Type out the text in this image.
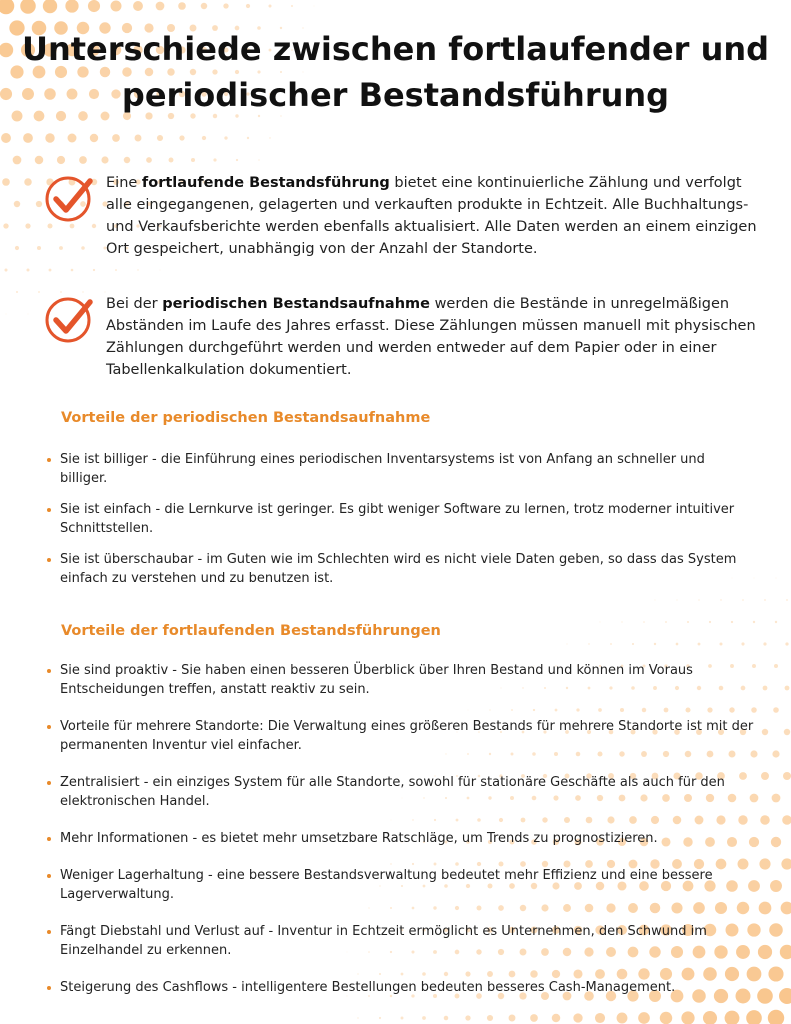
Unterschiede zwischen fortlaufender und periodischer Bestandsführung

Eine fortlaufende Bestandsführung bietet eine kontinuierliche Zählung und verfolgt alle eingegangenen, gelagerten und verkauften produkte in Echtzeit. Alle Buchhaltungs- und Verkaufsberichte werden ebenfalls aktualisiert. Alle Daten werden an einem einzigen Ort gespeichert, unabhängig von der Anzahl der Standorte.

Bei der periodischen Bestandsaufnahme werden die Bestände in unregelmäßigen Abständen im Laufe des Jahres erfasst. Diese Zählungen müssen manuell mit physischen Zählungen durchgeführt werden und werden entweder auf dem Papier oder in einer Tabellenkalkulation dokumentiert.

Vorteile der periodischen Bestandsaufnahme
Sie ist billiger - die Einführung eines periodischen Inventarsystems ist von Anfang an schneller und billiger.
Sie ist einfach - die Lernkurve ist geringer. Es gibt weniger Software zu lernen, trotz moderner intuitiver Schnittstellen.
Sie ist überschaubar - im Guten wie im Schlechten wird es nicht viele Daten geben, so dass das System einfach zu verstehen und zu benutzen ist.
Vorteile der fortlaufenden Bestandsführungen
Sie sind proaktiv - Sie haben einen besseren Überblick über Ihren Bestand und können im Voraus Entscheidungen treffen, anstatt reaktiv zu sein.
Vorteile für mehrere Standorte: Die Verwaltung eines größeren Bestands für mehrere Standorte ist mit der permanenten Inventur viel einfacher.
Zentralisiert - ein einziges System für alle Standorte, sowohl für stationäre Geschäfte als auch für den elektronischen Handel.
Mehr Informationen - es bietet mehr umsetzbare Ratschläge, um Trends zu prognostizieren.
Weniger Lagerhaltung - eine bessere Bestandsverwaltung bedeutet mehr Effizienz und eine bessere Lagerverwaltung.
Fängt Diebstahl und Verlust auf - Inventur in Echtzeit ermöglicht es Unternehmen, den Schwund im Einzelhandel zu erkennen.
Steigerung des Cashflows - intelligentere Bestellungen bedeuten besseres Cash-Management.
